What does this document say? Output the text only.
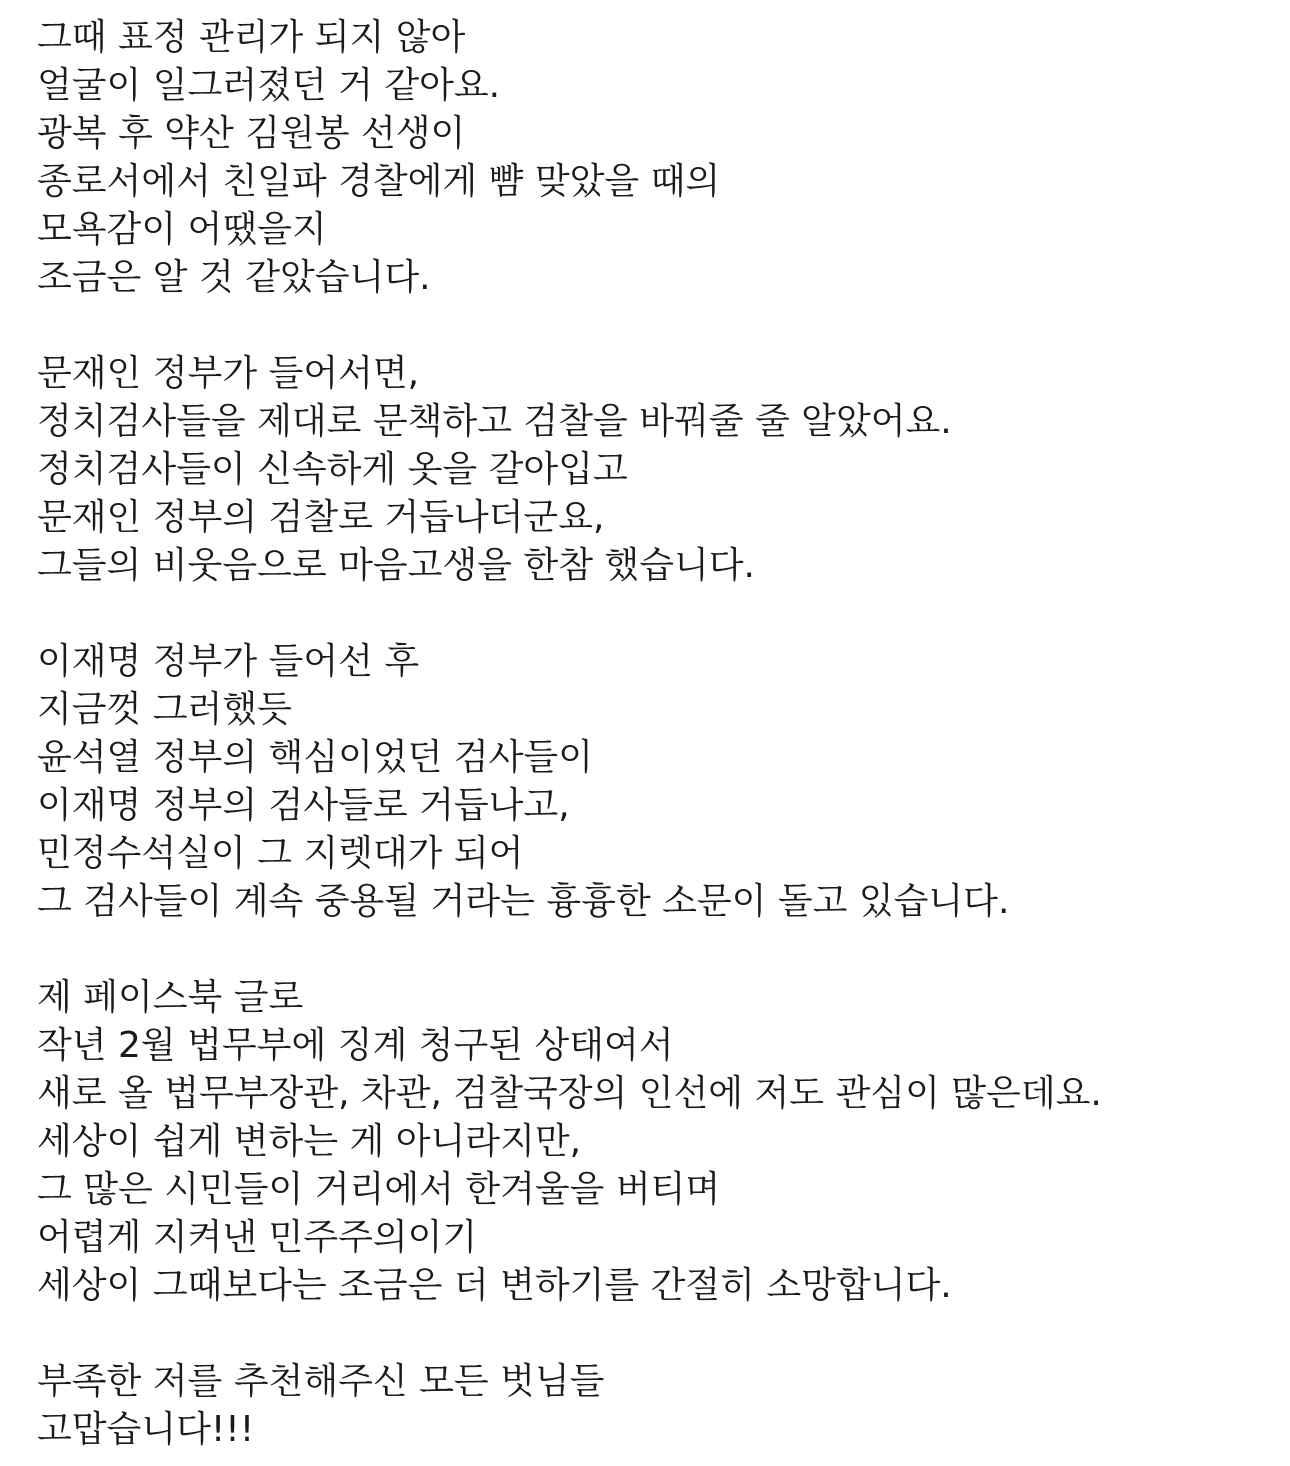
그때 표정 관리가 되지 않아
얼굴이 일그러졌던 거 같아요.
광복 후 약산 김원봉 선생이
종로서에서 친일파 경찰에게 뺨 맞았을 때의
모욕감이 어땠을지
조금은 알 것 같았습니다.
문재인 정부가 들어서면,
정치검사들을 제대로 문책하고 검찰을 바꿔줄 줄 알았어요.
정치검사들이 신속하게 옷을 갈아입고
문재인 정부의 검찰로 거듭나더군요,
그들의 비웃음으로 마음고생을 한참 했습니다.
이재명 정부가 들어선 후
지금껏 그러했듯
윤석열 정부의 핵심이었던 검사들이
이재명 정부의 검사들로 거듭나고,
민정수석실이 그 지렛대가 되어
그 검사들이 계속 중용될 거라는 흉흉한 소문이 돌고 있습니다.
제 페이스북 글로
작년 2월 법무부에 징계 청구된 상태여서
새로 올 법무부장관, 차관, 검찰국장의 인선에 저도 관심이 많은데요.
세상이 쉽게 변하는 게 아니라지만,
그 많은 시민들이 거리에서 한겨울을 버티며
어렵게 지켜낸 민주주의이기
세상이 그때보다는 조금은 더 변하기를 간절히 소망합니다.
부족한 저를 추천해주신 모든 벗님들
고맙습니다!!!
